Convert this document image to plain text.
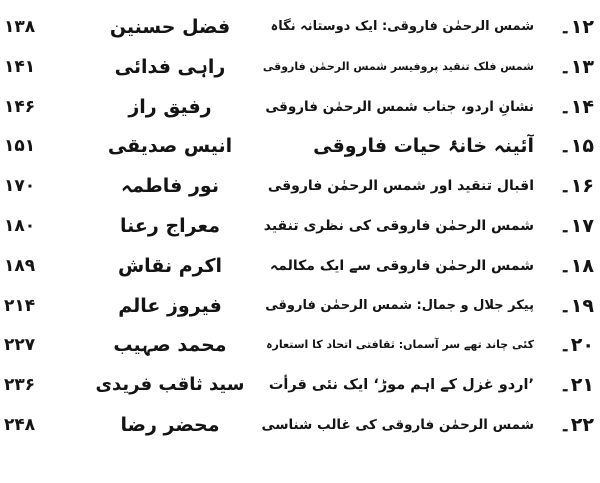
۱۲۔
شمس الرحمٰن فاروقی: ایک دوستانہ نگاہ
فضل حسنین
۱۳۸
۱۳۔
شمس فلک تنقید پروفیسر شمس الرحمٰن فاروقی
راہی فدائی
۱۴۱
۱۴۔
نشانِ اردو، جناب شمس الرحمٰن فاروقی
رفیق راز
۱۴۶
۱۵۔
آئینہ خانۂ حیات فاروقی
انیس صدیقی
۱۵۱
۱۶۔
اقبال تنقید اور شمس الرحمٰن فاروقی
نور فاطمہ
۱۷۰
۱۷۔
شمس الرحمٰن فاروقی کی نظری تنقید
معراج رعنا
۱۸۰
۱۸۔
شمس الرحمٰن فاروقی سے ایک مکالمہ
اکرم نقاش
۱۸۹
۱۹۔
پیکر جلال و جمال: شمس الرحمٰن فاروقی
فیروز عالم
۲۱۴
۲۰۔
کئی چاند تھے سر آسماں: ثقافتی اتحاد کا استعارہ
محمد صہیب
۲۲۷
۲۱۔
’اردو غزل کے اہم موڑ‘ ایک نئی قرأت
سید ثاقب فریدی
۲۳۶
۲۲۔
شمس الرحمٰن فاروقی کی غالب شناسی
محضر رضا
۲۴۸
